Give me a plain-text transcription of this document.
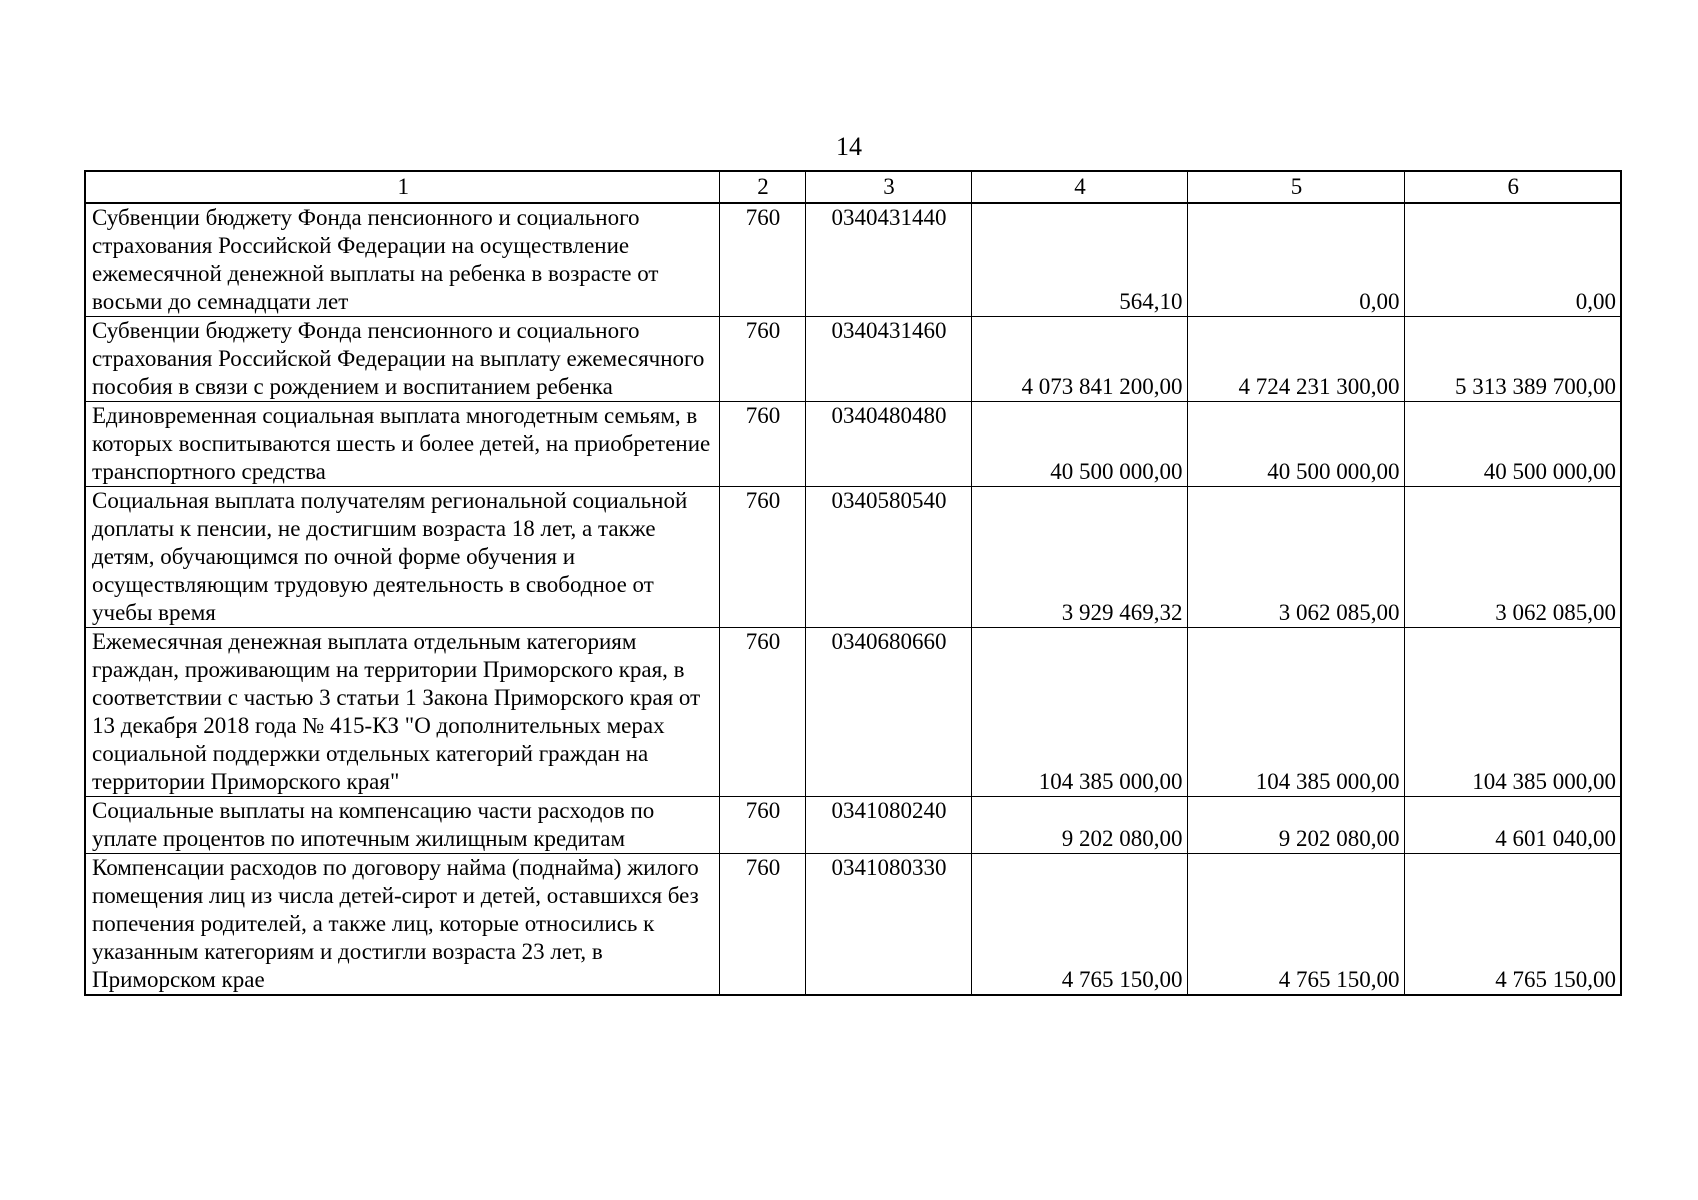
14
1	2	3	4	5	6
Субвенции бюджету Фонда пенсионного и социального страхования Российской Федерации на осуществление ежемесячной денежной выплаты на ребенка в возрасте от восьми до семнадцати лет	760	0340431440	564,10	0,00	0,00
Субвенции бюджету Фонда пенсионного и социального страхования Российской Федерации на выплату ежемесячного пособия в связи с рождением и воспитанием ребенка	760	0340431460	4 073 841 200,00	4 724 231 300,00	5 313 389 700,00
Единовременная социальная выплата многодетным семьям, в которых воспитываются шесть и более детей, на приобретение транспортного средства	760	0340480480	40 500 000,00	40 500 000,00	40 500 000,00
Социальная выплата получателям региональной социальной доплаты к пенсии, не достигшим возраста 18 лет, а также детям, обучающимся по очной форме обучения и осуществляющим трудовую деятельность в свободное от учебы время	760	0340580540	3 929 469,32	3 062 085,00	3 062 085,00
Ежемесячная денежная выплата отдельным категориям граждан, проживающим на территории Приморского края, в соответствии с частью 3 статьи 1 Закона Приморского края от 13 декабря 2018 года № 415-КЗ "О дополнительных мерах социальной поддержки отдельных категорий граждан на территории Приморского края"	760	0340680660	104 385 000,00	104 385 000,00	104 385 000,00
Социальные выплаты на компенсацию части расходов по уплате процентов по ипотечным жилищным кредитам	760	0341080240	9 202 080,00	9 202 080,00	4 601 040,00
Компенсации расходов по договору найма (поднайма) жилого помещения лиц из числа детей-сирот и детей, оставшихся без попечения родителей, а также лиц, которые относились к указанным категориям и достигли возраста 23 лет, в Приморском крае	760	0341080330	4 765 150,00	4 765 150,00	4 765 150,00
